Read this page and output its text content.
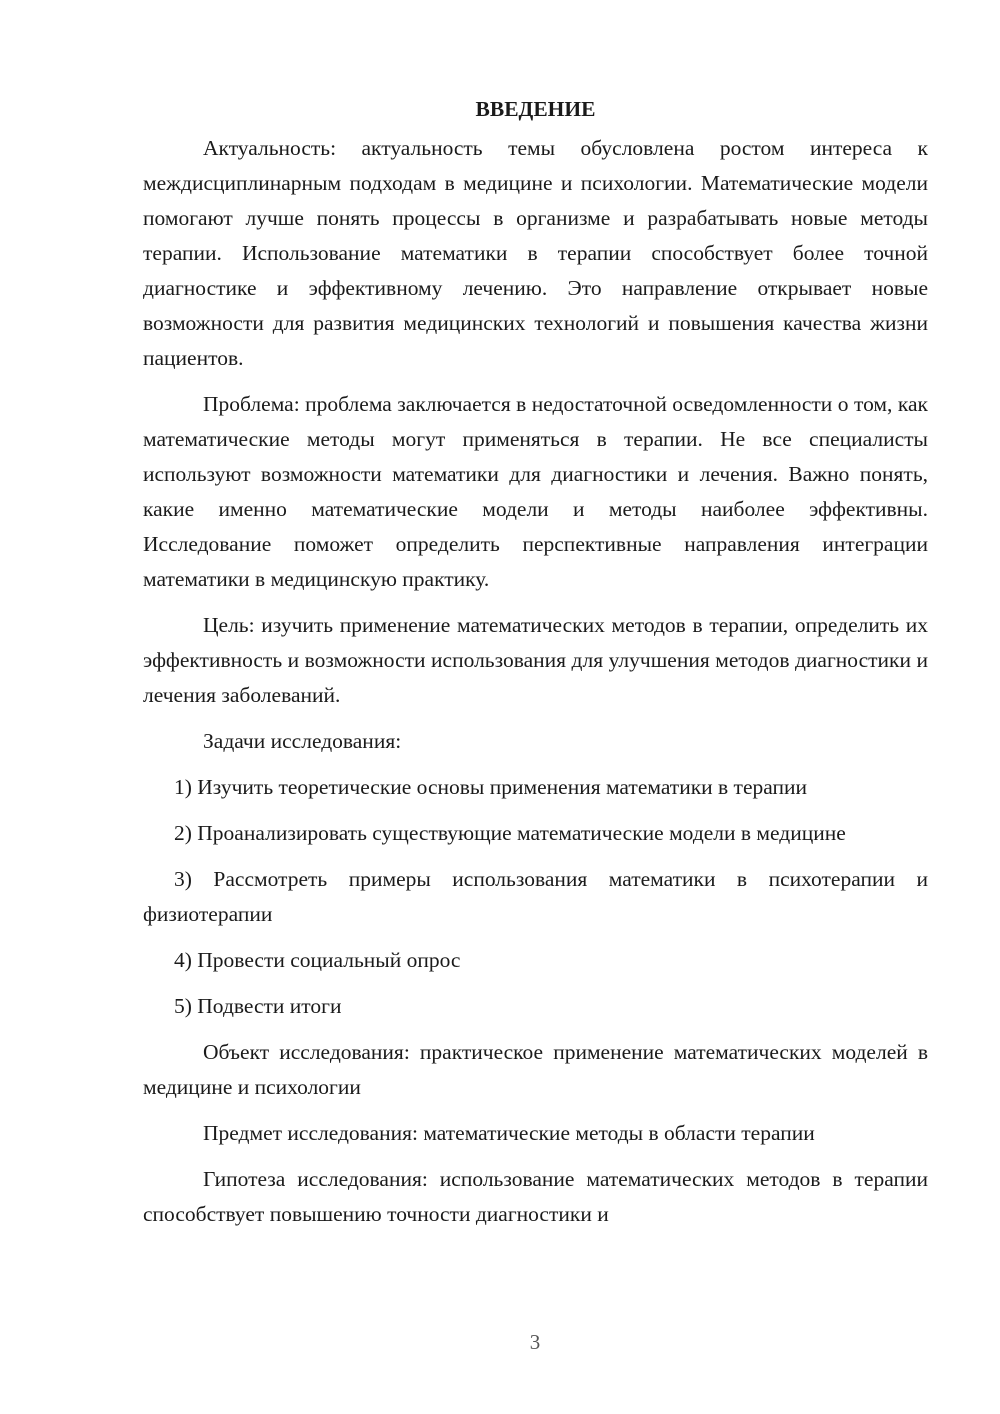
ВВЕДЕНИЕ

Актуальность: актуальность темы обусловлена ростом интереса к междисциплинарным подходам в медицине и психологии. Математические модели помогают лучше понять процессы в организме и разрабатывать новые методы терапии. Использование математики в терапии способствует более точной диагностике и эффективному лечению. Это направление открывает новые возможности для развития медицинских технологий и повышения качества жизни пациентов.

Проблема: проблема заключается в недостаточной осведомленности о том, как математические методы могут применяться в терапии. Не все специалисты используют возможности математики для диагностики и лечения. Важно понять, какие именно математические модели и методы наиболее эффективны. Исследование поможет определить перспективные направления интеграции математики в медицинскую практику.

Цель: изучить применение математических методов в терапии, определить их эффективность и возможности использования для улучшения методов диагностики и лечения заболеваний.

Задачи исследования:

1) Изучить теоретические основы применения математики в терапии

2) Проанализировать существующие математические модели в медицине

3) Рассмотреть примеры использования математики в психотерапии и физиотерапии

4) Провести социальный опрос

5) Подвести итоги

Объект исследования: практическое применение математических моделей в медицине и психологии

Предмет исследования: математические методы в области терапии

Гипотеза исследования: использование математических методов в терапии способствует повышению точности диагностики и

3
